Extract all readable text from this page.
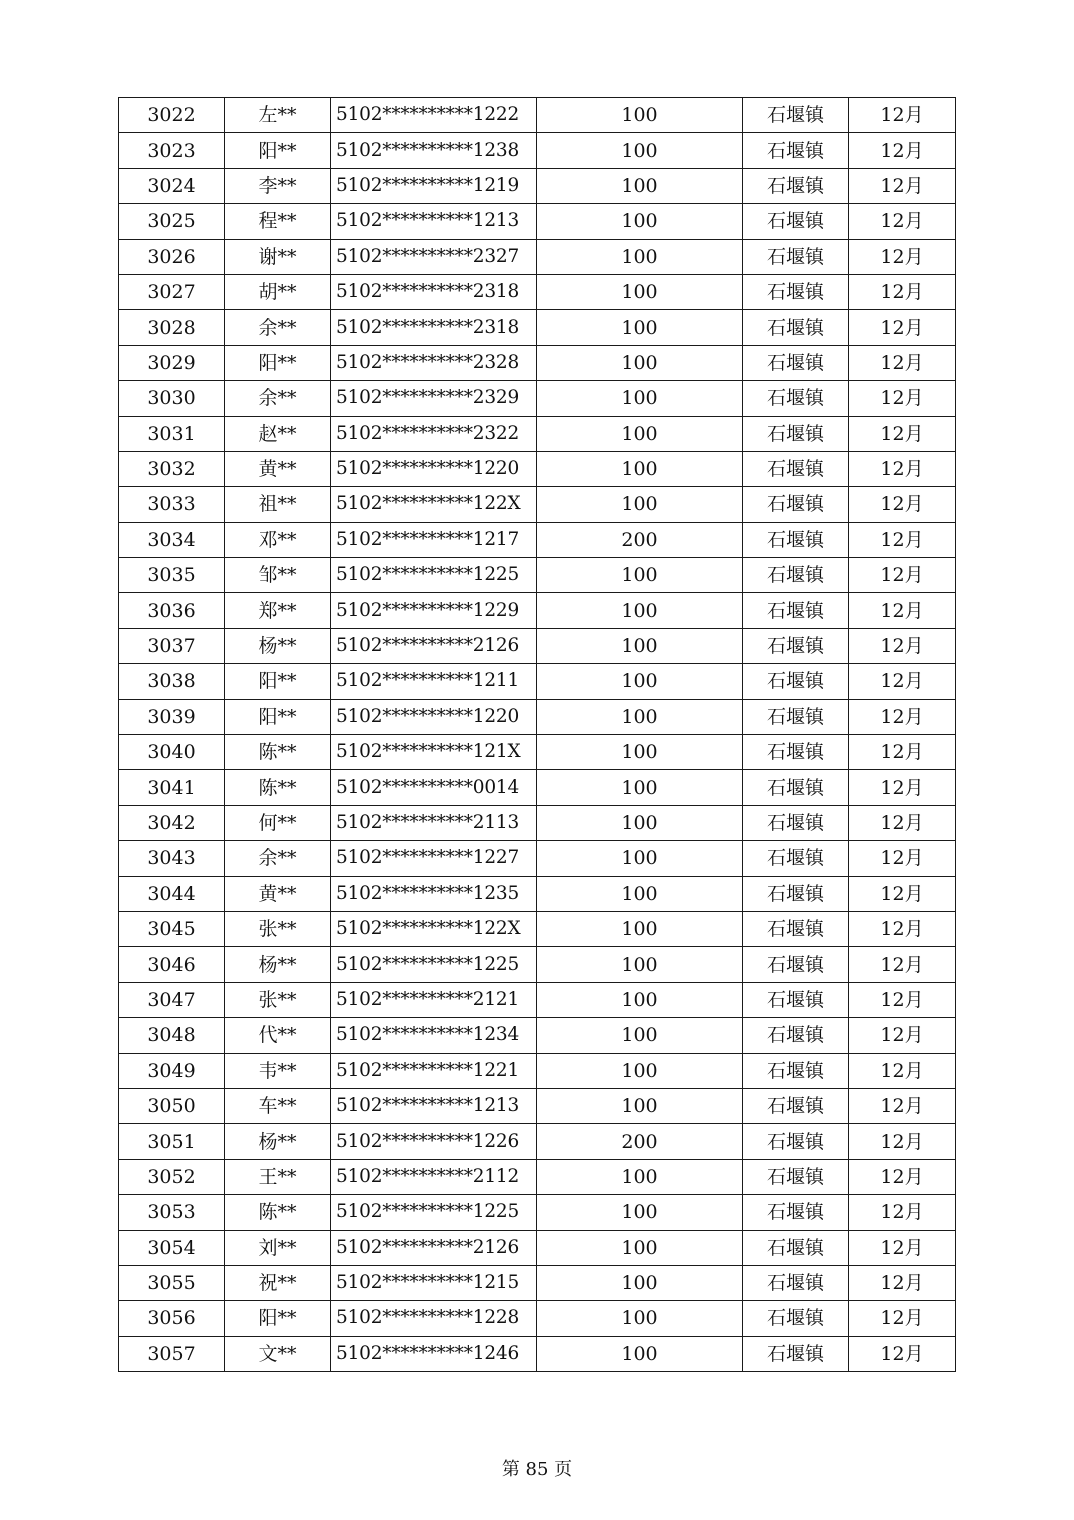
3022	左**	5102**********1222	100	石堰镇	12月
3023	阳**	5102**********1238	100	石堰镇	12月
3024	李**	5102**********1219	100	石堰镇	12月
3025	程**	5102**********1213	100	石堰镇	12月
3026	谢**	5102**********2327	100	石堰镇	12月
3027	胡**	5102**********2318	100	石堰镇	12月
3028	余**	5102**********2318	100	石堰镇	12月
3029	阳**	5102**********2328	100	石堰镇	12月
3030	余**	5102**********2329	100	石堰镇	12月
3031	赵**	5102**********2322	100	石堰镇	12月
3032	黄**	5102**********1220	100	石堰镇	12月
3033	祖**	5102**********122X	100	石堰镇	12月
3034	邓**	5102**********1217	200	石堰镇	12月
3035	邹**	5102**********1225	100	石堰镇	12月
3036	郑**	5102**********1229	100	石堰镇	12月
3037	杨**	5102**********2126	100	石堰镇	12月
3038	阳**	5102**********1211	100	石堰镇	12月
3039	阳**	5102**********1220	100	石堰镇	12月
3040	陈**	5102**********121X	100	石堰镇	12月
3041	陈**	5102**********0014	100	石堰镇	12月
3042	何**	5102**********2113	100	石堰镇	12月
3043	余**	5102**********1227	100	石堰镇	12月
3044	黄**	5102**********1235	100	石堰镇	12月
3045	张**	5102**********122X	100	石堰镇	12月
3046	杨**	5102**********1225	100	石堰镇	12月
3047	张**	5102**********2121	100	石堰镇	12月
3048	代**	5102**********1234	100	石堰镇	12月
3049	韦**	5102**********1221	100	石堰镇	12月
3050	车**	5102**********1213	100	石堰镇	12月
3051	杨**	5102**********1226	200	石堰镇	12月
3052	王**	5102**********2112	100	石堰镇	12月
3053	陈**	5102**********1225	100	石堰镇	12月
3054	刘**	5102**********2126	100	石堰镇	12月
3055	祝**	5102**********1215	100	石堰镇	12月
3056	阳**	5102**********1228	100	石堰镇	12月
3057	文**	5102**********1246	100	石堰镇	12月
第 85 页
